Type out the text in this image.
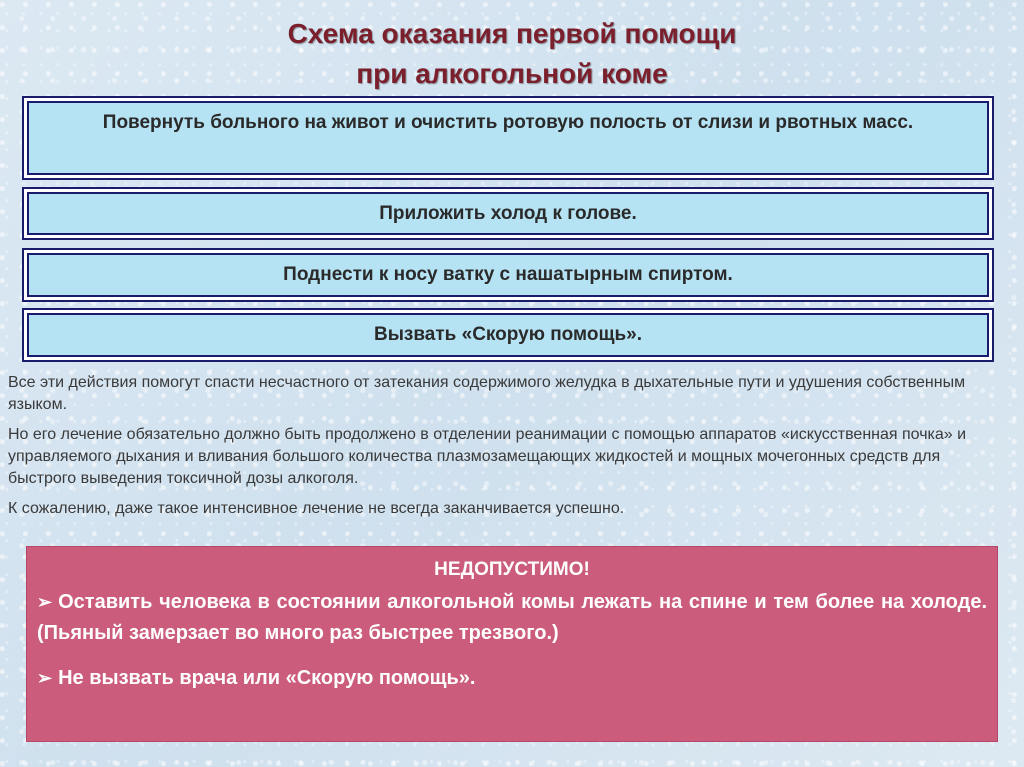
Схема оказания первой помощи
при алкогольной коме
Повернуть больного на живот и очистить ротовую полость от слизи и рвотных масс.
Приложить холод к голове.
Поднести к носу ватку с нашатырным спиртом.
Вызвать «Скорую помощь».

Все эти действия помогут спасти несчастного от затекания содержимого желудка в дыхательные пути и удушения собственным языком.

Но его лечение обязательно должно быть продолжено в отделении реанимации с помощью аппаратов «искусственная почка» и управляемого дыхания и вливания большого количества плазмозамещающих жидкостей и мощных мочегонных средств для быстрого выведения токсичной дозы алкоголя.

К сожалению, даже такое интенсивное лечение не всегда заканчивается успешно.

НЕДОПУСТИМО!
➢ Оставить человека в состоянии алкогольной комы лежать на спине и тем более на холоде. (Пьяный замерзает во много раз быстрее трезвого.)
➢ Не вызвать врача или «Скорую помощь».
